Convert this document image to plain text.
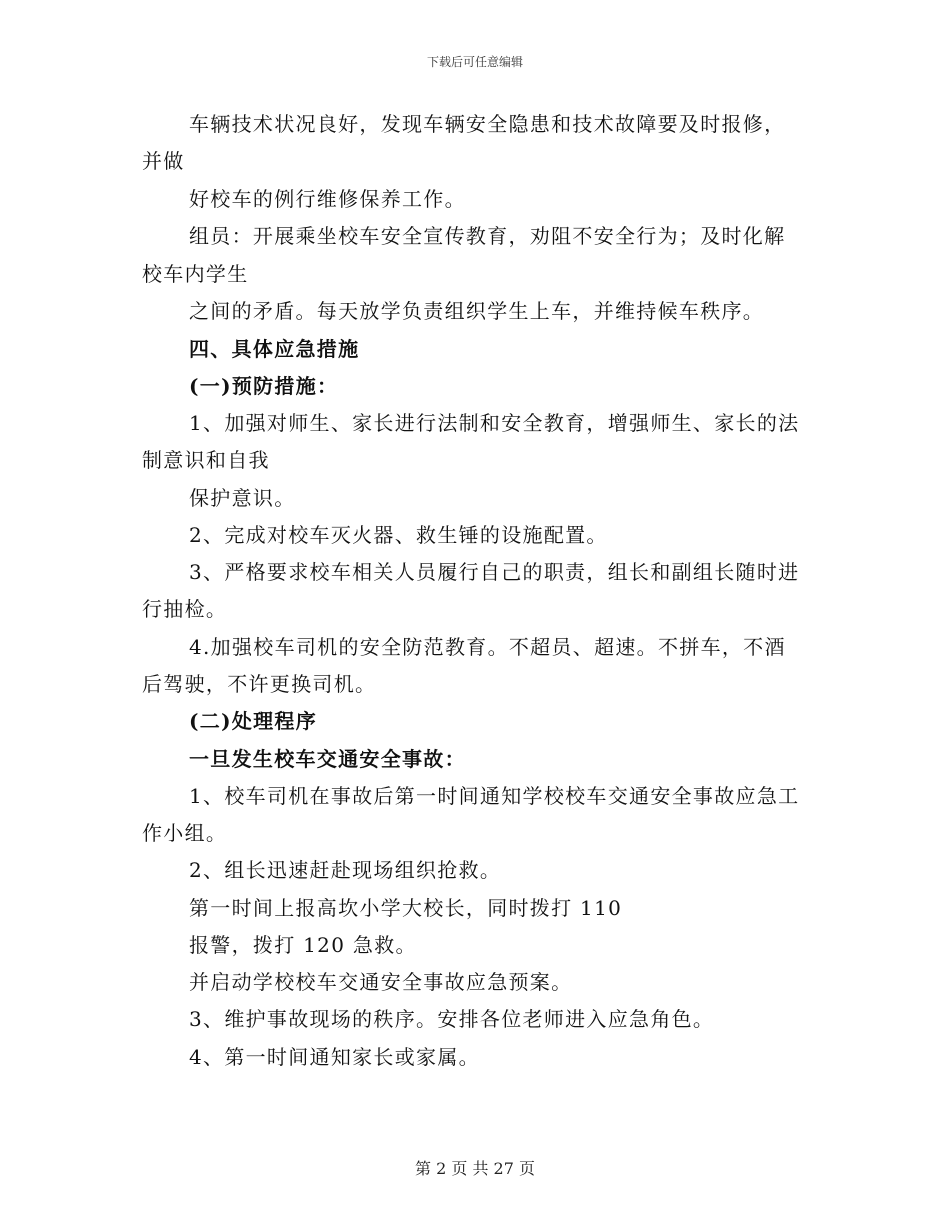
下载后可任意编辑
车辆技术状况良好，发现车辆安全隐患和技术故障要及时报修，
并做
好校车的例行维修保养工作。
组员：开展乘坐校车安全宣传教育，劝阻不安全行为；及时化解
校车内学生
之间的矛盾。每天放学负责组织学生上车，并维持候车秩序。
四、具体应急措施
(一)预防措施：
1、加强对师生、家长进行法制和安全教育，增强师生、家长的法
制意识和自我
保护意识。
2、完成对校车灭火器、救生锤的设施配置。
3、严格要求校车相关人员履行自己的职责，组长和副组长随时进
行抽检。
4.加强校车司机的安全防范教育。不超员、超速。不拼车，不酒
后驾驶，不许更换司机。
(二)处理程序
一旦发生校车交通安全事故：
1、校车司机在事故后第一时间通知学校校车交通安全事故应急工
作小组。
2、组长迅速赶赴现场组织抢救。
第一时间上报高坎小学大校长，同时拨打 110
报警，拨打 120 急救。
并启动学校校车交通安全事故应急预案。
3、维护事故现场的秩序。安排各位老师进入应急角色。
4、第一时间通知家长或家属。
第 2 页 共 27 页
